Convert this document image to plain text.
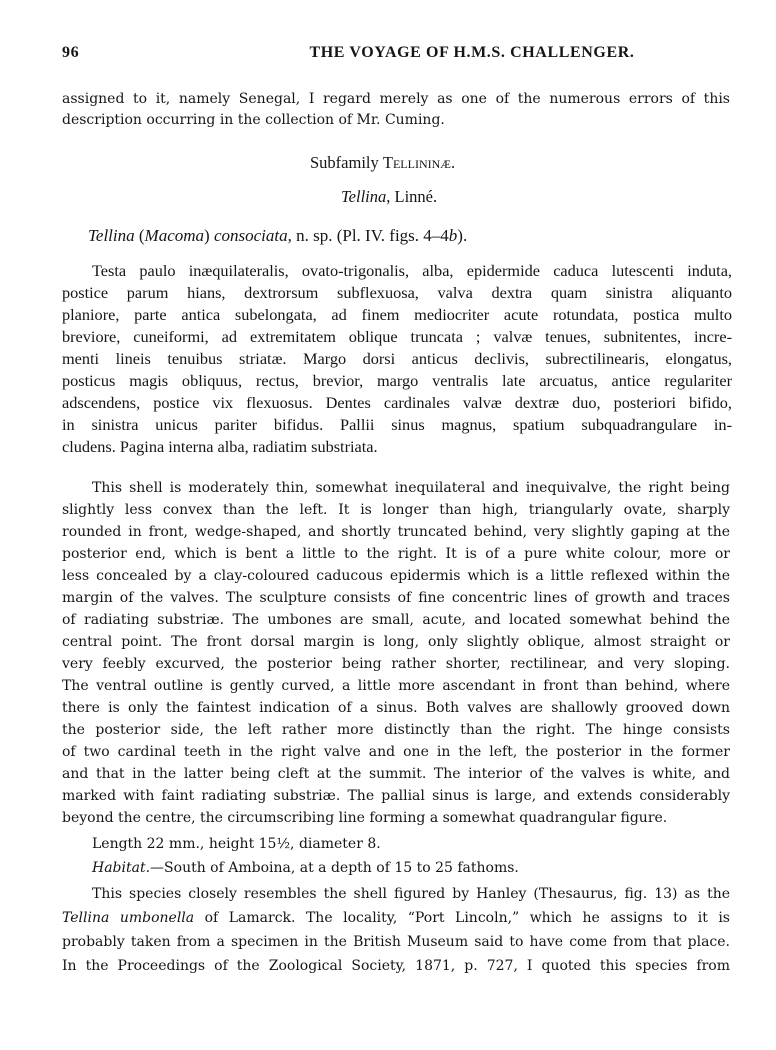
96	THE VOYAGE OF H.M.S. CHALLENGER.
assigned to it, namely Senegal, I regard merely as one of the numerous errors of this
description occurring in the collection of Mr. Cuming.
Subfamily Tellininæ.
Tellina, Linné.
Tellina (Macoma) consociata, n. sp. (Pl. IV. figs. 4–4b).
Testa paulo inæquilateralis, ovato-trigonalis, alba, epidermide caduca lutescenti induta,
postice parum hians, dextrorsum subflexuosa, valva dextra quam sinistra aliquanto
planiore, parte antica subelongata, ad finem mediocriter acute rotundata, postica multo
breviore, cuneiformi, ad extremitatem oblique truncata ; valvæ tenues, subnitentes, incre-
menti lineis tenuibus striatæ. Margo dorsi anticus declivis, subrectilinearis, elongatus,
posticus magis obliquus, rectus, brevior, margo ventralis late arcuatus, antice regulariter
adscendens, postice vix flexuosus. Dentes cardinales valvæ dextræ duo, posteriori bifido,
in sinistra unicus pariter bifidus. Pallii sinus magnus, spatium subquadrangulare in-
cludens. Pagina interna alba, radiatim substriata.
This shell is moderately thin, somewhat inequilateral and inequivalve, the right being
slightly less convex than the left. It is longer than high, triangularly ovate, sharply
rounded in front, wedge-shaped, and shortly truncated behind, very slightly gaping at the
posterior end, which is bent a little to the right. It is of a pure white colour, more or
less concealed by a clay-coloured caducous epidermis which is a little reflexed within the
margin of the valves. The sculpture consists of fine concentric lines of growth and traces
of radiating substriæ. The umbones are small, acute, and located somewhat behind the
central point. The front dorsal margin is long, only slightly oblique, almost straight or
very feebly excurved, the posterior being rather shorter, rectilinear, and very sloping.
The ventral outline is gently curved, a little more ascendant in front than behind, where
there is only the faintest indication of a sinus. Both valves are shallowly grooved down
the posterior side, the left rather more distinctly than the right. The hinge consists
of two cardinal teeth in the right valve and one in the left, the posterior in the former
and that in the latter being cleft at the summit. The interior of the valves is white, and
marked with faint radiating substriæ. The pallial sinus is large, and extends considerably
beyond the centre, the circumscribing line forming a somewhat quadrangular figure.
Length 22 mm., height 15½, diameter 8.
Habitat.—South of Amboina, at a depth of 15 to 25 fathoms.
This species closely resembles the shell figured by Hanley (Thesaurus, fig. 13) as the
Tellina umbonella of Lamarck. The locality, “Port Lincoln,” which he assigns to it is
probably taken from a specimen in the British Museum said to have come from that place.
In the Proceedings of the Zoological Society, 1871, p. 727, I quoted this species from
